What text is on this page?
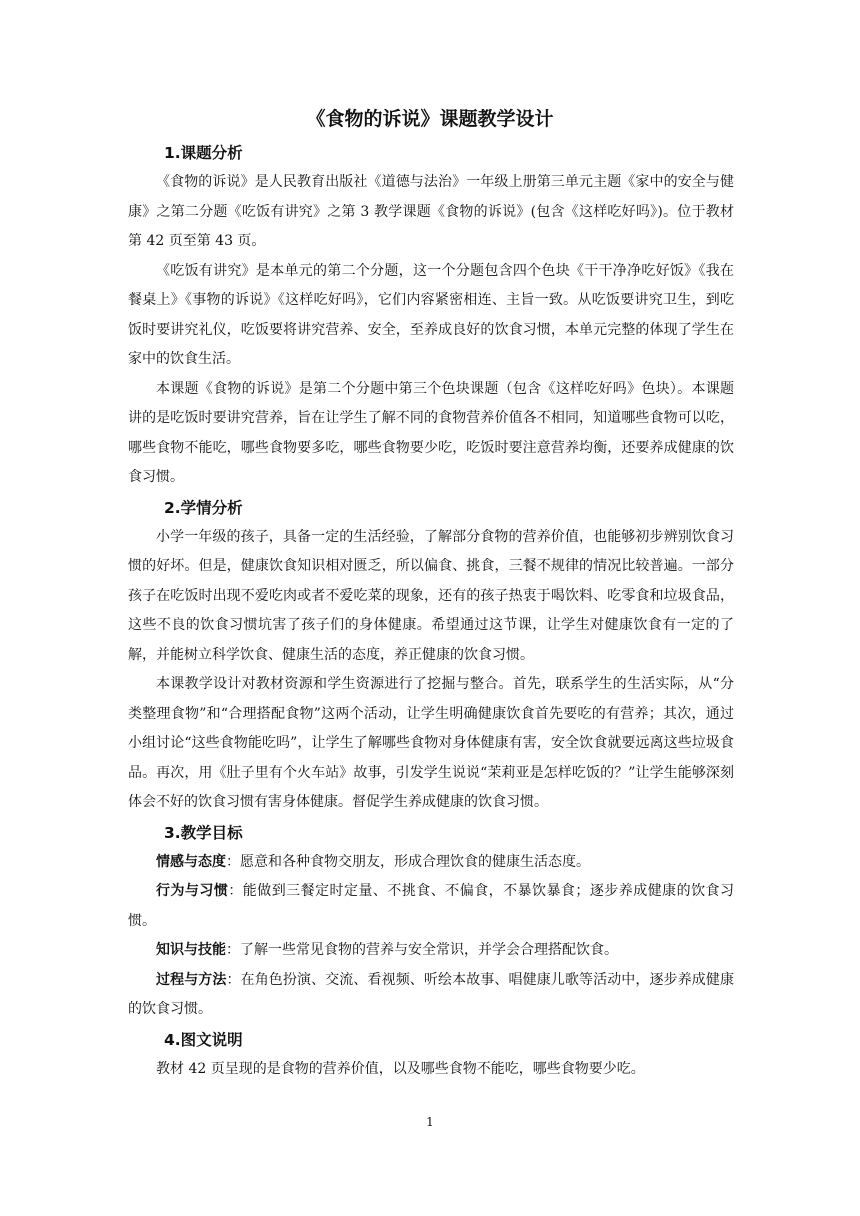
《食物的诉说》课题教学设计
1.课题分析

《食物的诉说》是人民教育出版社《道德与法治》一年级上册第三单元主题《家中的安全与健康》之第二分题《吃饭有讲究》之第 3 教学课题《食物的诉说》(包含《这样吃好吗》)。位于教材第 42 页至第 43 页。

《吃饭有讲究》是本单元的第二个分题，这一个分题包含四个色块《干干净净吃好饭》《我在餐桌上》《事物的诉说》《这样吃好吗》，它们内容紧密相连、主旨一致。从吃饭要讲究卫生，到吃饭时要讲究礼仪，吃饭要将讲究营养、安全，至养成良好的饮食习惯，本单元完整的体现了学生在家中的饮食生活。

本课题《食物的诉说》是第二个分题中第三个色块课题（包含《这样吃好吗》色块）。本课题讲的是吃饭时要讲究营养，旨在让学生了解不同的食物营养价值各不相同，知道哪些食物可以吃，哪些食物不能吃，哪些食物要多吃，哪些食物要少吃，吃饭时要注意营养均衡，还要养成健康的饮食习惯。

2.学情分析

小学一年级的孩子，具备一定的生活经验，了解部分食物的营养价值，也能够初步辨别饮食习惯的好坏。但是，健康饮食知识相对匮乏，所以偏食、挑食，三餐不规律的情况比较普遍。一部分孩子在吃饭时出现不爱吃肉或者不爱吃菜的现象，还有的孩子热衷于喝饮料、吃零食和垃圾食品，这些不良的饮食习惯坑害了孩子们的身体健康。希望通过这节课，让学生对健康饮食有一定的了解，并能树立科学饮食、健康生活的态度，养正健康的饮食习惯。

本课教学设计对教材资源和学生资源进行了挖掘与整合。首先，联系学生的生活实际，从“分类整理食物”和“合理搭配食物”这两个活动，让学生明确健康饮食首先要吃的有营养；其次，通过小组讨论“这些食物能吃吗”，让学生了解哪些食物对身体健康有害，安全饮食就要远离这些垃圾食品。再次，用《肚子里有个火车站》故事，引发学生说说“茉莉亚是怎样吃饭的？”让学生能够深刻体会不好的饮食习惯有害身体健康。督促学生养成健康的饮食习惯。

3.教学目标

情感与态度：愿意和各种食物交朋友，形成合理饮食的健康生活态度。

行为与习惯：能做到三餐定时定量、不挑食、不偏食，不暴饮暴食；逐步养成健康的饮食习惯。

知识与技能：了解一些常见食物的营养与安全常识，并学会合理搭配饮食。

过程与方法：在角色扮演、交流、看视频、听绘本故事、唱健康儿歌等活动中，逐步养成健康的饮食习惯。

4.图文说明

教材 42 页呈现的是食物的营养价值，以及哪些食物不能吃，哪些食物要少吃。

1
